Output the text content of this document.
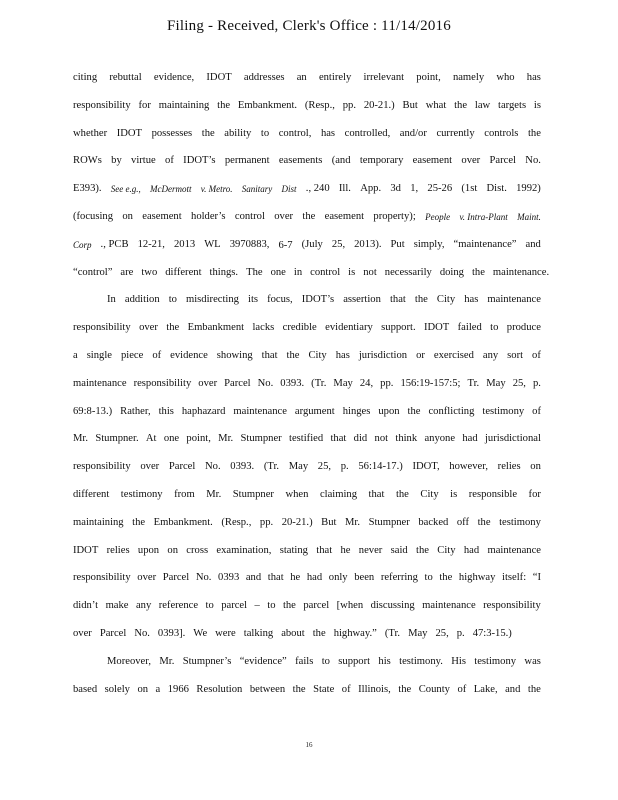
Filing - Received, Clerk's Office : 11/14/2016
citing rebuttal evidence, IDOT addresses an entirely irrelevant point, namely who has
responsibility for maintaining the Embankment. (Resp., pp. 20-21.) But what the law targets is
whether IDOT possesses the ability to control, has controlled, and/or currently controls the
ROWs by virtue of IDOT’s permanent easements (and temporary easement over Parcel No.
E393). See e.g., McDermott v. Metro. Sanitary Dist ., 240 Ill. App. 3d 1, 25-26 (1st Dist. 1992)
(focusing on easement holder’s control over the easement property); People v. Intra-Plant Maint.
Corp ., PCB 12-21, 2013 WL 3970883, 6-7 (July 25, 2013). Put simply, “maintenance” and
“control” are two different things. The one in control is not necessarily doing the maintenance.
In addition to misdirecting its focus, IDOT’s assertion that the City has maintenance
responsibility over the Embankment lacks credible evidentiary support. IDOT failed to produce
a single piece of evidence showing that the City has jurisdiction or exercised any sort of
maintenance responsibility over Parcel No. 0393. (Tr. May 24, pp. 156:19-157:5; Tr. May 25, p.
69:8-13.) Rather, this haphazard maintenance argument hinges upon the conflicting testimony of
Mr. Stumpner. At one point, Mr. Stumpner testified that did not think anyone had jurisdictional
responsibility over Parcel No. 0393. (Tr. May 25, p. 56:14-17.) IDOT, however, relies on
different testimony from Mr. Stumpner when claiming that the City is responsible for
maintaining the Embankment. (Resp., pp. 20-21.) But Mr. Stumpner backed off the testimony
IDOT relies upon on cross examination, stating that he never said the City had maintenance
responsibility over Parcel No. 0393 and that he had only been referring to the highway itself: “I
didn’t make any reference to parcel – to the parcel [when discussing maintenance responsibility
over Parcel No. 0393]. We were talking about the highway.” (Tr. May 25, p. 47:3-15.)
Moreover, Mr. Stumpner’s “evidence” fails to support his testimony. His testimony was
based solely on a 1966 Resolution between the State of Illinois, the County of Lake, and the
16
